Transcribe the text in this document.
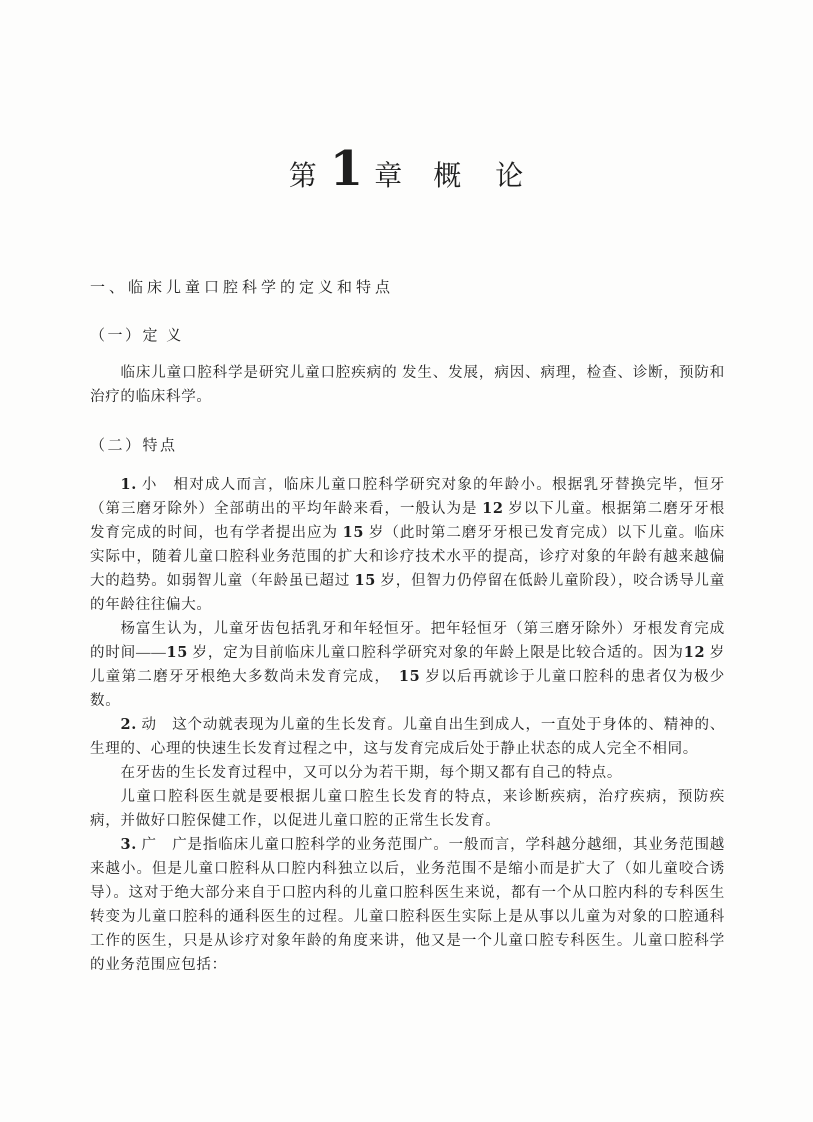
第 1 章 概　论
一、临床儿童口腔科学的定义和特点
（一）定 义

临床儿童口腔科学是研究儿童口腔疾病的 发生、发展，病因、病理，检查、诊断，预防和治疗的临床科学。

（二）特点

1. 小　相对成人而言，临床儿童口腔科学研究对象的年龄小。根据乳牙替换完毕，恒牙（第三磨牙除外）全部萌出的平均年龄来看，一般认为是 12 岁以下儿童。根据第二磨牙牙根发育完成的时间，也有学者提出应为 15 岁（此时第二磨牙牙根已发育完成）以下儿童。临床实际中，随着儿童口腔科业务范围的扩大和诊疗技术水平的提高，诊疗对象的年龄有越来越偏大的趋势。如弱智儿童（年龄虽已超过 15 岁，但智力仍停留在低龄儿童阶段），咬合诱导儿童的年龄往往偏大。

杨富生认为，儿童牙齿包括乳牙和年轻恒牙。把年轻恒牙（第三磨牙除外）牙根发育完成的时间——15 岁，定为目前临床儿童口腔科学研究对象的年龄上限是比较合适的。因为12 岁儿童第二磨牙牙根绝大多数尚未发育完成，　15 岁以后再就诊于儿童口腔科的患者仅为极少数。

2. 动　这个动就表现为儿童的生长发育。儿童自出生到成人，一直处于身体的、精神的、生理的、心理的快速生长发育过程之中，这与发育完成后处于静止状态的成人完全不相同。

在牙齿的生长发育过程中，又可以分为若干期，每个期又都有自己的特点。

儿童口腔科医生就是要根据儿童口腔生长发育的特点，来诊断疾病，治疗疾病，预防疾病，并做好口腔保健工作，以促进儿童口腔的正常生长发育。

3. 广　广是指临床儿童口腔科学的业务范围广。一般而言，学科越分越细，其业务范围越来越小。但是儿童口腔科从口腔内科独立以后，业务范围不是缩小而是扩大了（如儿童咬合诱导）。这对于绝大部分来自于口腔内科的儿童口腔科医生来说，都有一个从口腔内科的专科医生转变为儿童口腔科的通科医生的过程。儿童口腔科医生实际上是从事以儿童为对象的口腔通科工作的医生，只是从诊疗对象年龄的角度来讲，他又是一个儿童口腔专科医生。儿童口腔科学的业务范围应包括：
